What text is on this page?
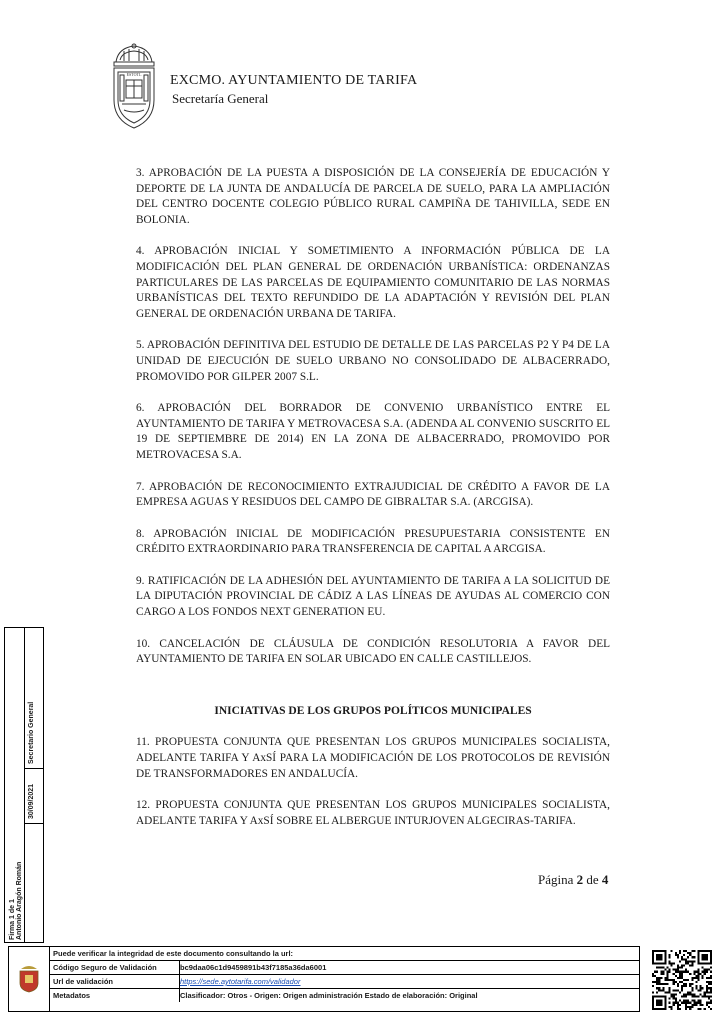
ESTOTL EXCMO. AYUNTAMIENTO DE TARIFA
Secretaría General

3. APROBACIÓN DE LA PUESTA A DISPOSICIÓN DE LA CONSEJERÍA DE EDUCACIÓN Y DEPORTE DE LA JUNTA DE ANDALUCÍA DE PARCELA DE SUELO, PARA LA AMPLIACIÓN DEL CENTRO DOCENTE COLEGIO PÚBLICO RURAL CAMPIÑA DE TAHIVILLA, SEDE EN BOLONIA.

4. APROBACIÓN INICIAL Y SOMETIMIENTO A INFORMACIÓN PÚBLICA DE LA MODIFICACIÓN DEL PLAN GENERAL DE ORDENACIÓN URBANÍSTICA: ORDENANZAS PARTICULARES DE LAS PARCELAS DE EQUIPAMIENTO COMUNITARIO DE LAS NORMAS URBANÍSTICAS DEL TEXTO REFUNDIDO DE LA ADAPTACIÓN Y REVISIÓN DEL PLAN GENERAL DE ORDENACIÓN URBANA DE TARIFA.

5. APROBACIÓN DEFINITIVA DEL ESTUDIO DE DETALLE DE LAS PARCELAS P2 Y P4 DE LA UNIDAD DE EJECUCIÓN DE SUELO URBANO NO CONSOLIDADO DE ALBACERRADO, PROMOVIDO POR GILPER 2007 S.L.

6. APROBACIÓN DEL BORRADOR DE CONVENIO URBANÍSTICO ENTRE EL AYUNTAMIENTO DE TARIFA Y METROVACESA S.A. (ADENDA AL CONVENIO SUSCRITO EL 19 DE SEPTIEMBRE DE 2014) EN LA ZONA DE ALBACERRADO, PROMOVIDO POR METROVACESA S.A.

7. APROBACIÓN DE RECONOCIMIENTO EXTRAJUDICIAL DE CRÉDITO A FAVOR DE LA EMPRESA AGUAS Y RESIDUOS DEL CAMPO DE GIBRALTAR S.A. (ARCGISA).

8. APROBACIÓN INICIAL DE MODIFICACIÓN PRESUPUESTARIA CONSISTENTE EN CRÉDITO EXTRAORDINARIO PARA TRANSFERENCIA DE CAPITAL A ARCGISA.

9. RATIFICACIÓN DE LA ADHESIÓN DEL AYUNTAMIENTO DE TARIFA A LA SOLICITUD DE LA DIPUTACIÓN PROVINCIAL DE CÁDIZ A LAS LÍNEAS DE AYUDAS AL COMERCIO CON CARGO A LOS FONDOS NEXT GENERATION EU.

10. CANCELACIÓN DE CLÁUSULA DE CONDICIÓN RESOLUTORIA A FAVOR DEL AYUNTAMIENTO DE TARIFA EN SOLAR UBICADO EN CALLE CASTILLEJOS.

INICIATIVAS DE LOS GRUPOS POLÍTICOS MUNICIPALES

11. PROPUESTA CONJUNTA QUE PRESENTAN LOS GRUPOS MUNICIPALES SOCIALISTA, ADELANTE TARIFA Y AxSÍ PARA LA MODIFICACIÓN DE LOS PROTOCOLOS DE REVISIÓN DE TRANSFORMADORES EN ANDALUCÍA.

12. PROPUESTA CONJUNTA QUE PRESENTAN LOS GRUPOS MUNICIPALES SOCIALISTA, ADELANTE TARIFA Y AxSÍ SOBRE EL ALBERGUE INTURJOVEN ALGECIRAS-TARIFA.

Página 2 de 4
Firma 1 de 1 Antonio Aragón Román
30/09/2021
Secretario General
Puede verificar la integridad de este documento consultando la url:
Código Seguro de Validación	bc9daa06c1d9459891b43f7185a36da6001
Url de validación	https://sede.aytotarifa.com/validador
Metadatos	Clasificador: Otros - Origen: Origen administración Estado de elaboración: Original
